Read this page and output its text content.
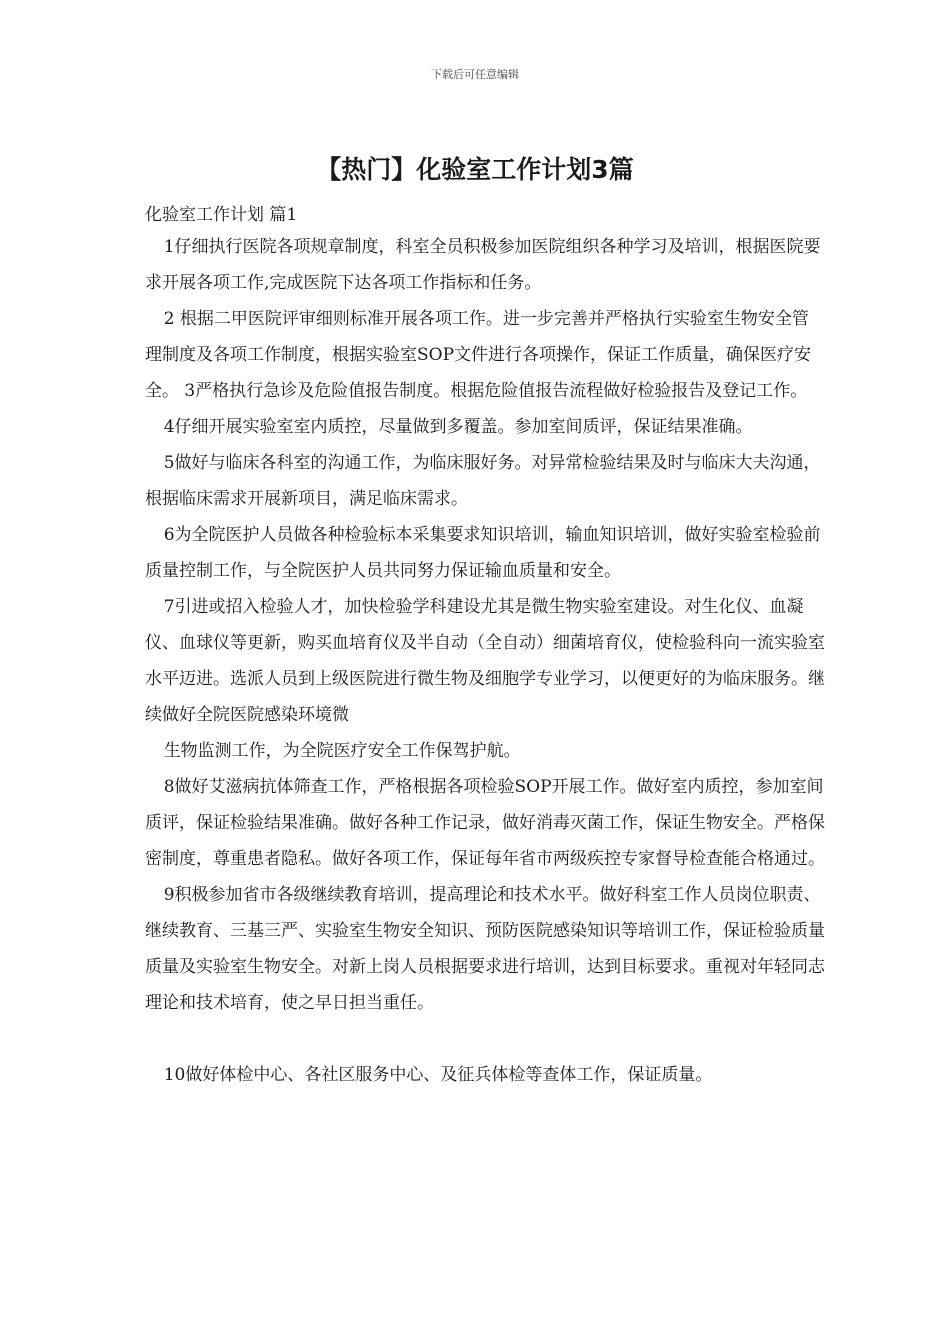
下载后可任意编辑
【热门】化验室工作计划3篇

化验室工作计划 篇1

1仔细执行医院各项规章制度，科室全员积极参加医院组织各种学习及培训，根据医院要求开展各项工作,完成医院下达各项工作指标和任务。

2 根据二甲医院评审细则标准开展各项工作。进一步完善并严格执行实验室生物安全管理制度及各项工作制度，根据实验室SOP文件进行各项操作，保证工作质量，确保医疗安全。 3严格执行急诊及危险值报告制度。根据危险值报告流程做好检验报告及登记工作。

4仔细开展实验室室内质控，尽量做到多覆盖。参加室间质评，保证结果准确。

5做好与临床各科室的沟通工作，为临床服好务。对异常检验结果及时与临床大夫沟通，根据临床需求开展新项目，满足临床需求。

6为全院医护人员做各种检验标本采集要求知识培训，输血知识培训，做好实验室检验前质量控制工作，与全院医护人员共同努力保证输血质量和安全。

7引进或招入检验人才，加快检验学科建设尤其是微生物实验室建设。对生化仪、血凝仪、血球仪等更新，购买血培育仪及半自动（全自动）细菌培育仪，使检验科向一流实验室水平迈进。选派人员到上级医院进行微生物及细胞学专业学习，以便更好的为临床服务。继续做好全院医院感染环境微

生物监测工作，为全院医疗安全工作保驾护航。

8做好艾滋病抗体筛查工作，严格根据各项检验SOP开展工作。做好室内质控，参加室间质评，保证检验结果准确。做好各种工作记录，做好消毒灭菌工作，保证生物安全。严格保密制度，尊重患者隐私。做好各项工作，保证每年省市两级疾控专家督导检查能合格通过。

9积极参加省市各级继续教育培训，提高理论和技术水平。做好科室工作人员岗位职责、继续教育、三基三严、实验室生物安全知识、预防医院感染知识等培训工作，保证检验质量质量及实验室生物安全。对新上岗人员根据要求进行培训，达到目标要求。重视对年轻同志理论和技术培育，使之早日担当重任。

10做好体检中心、各社区服务中心、及征兵体检等查体工作，保证质量。
